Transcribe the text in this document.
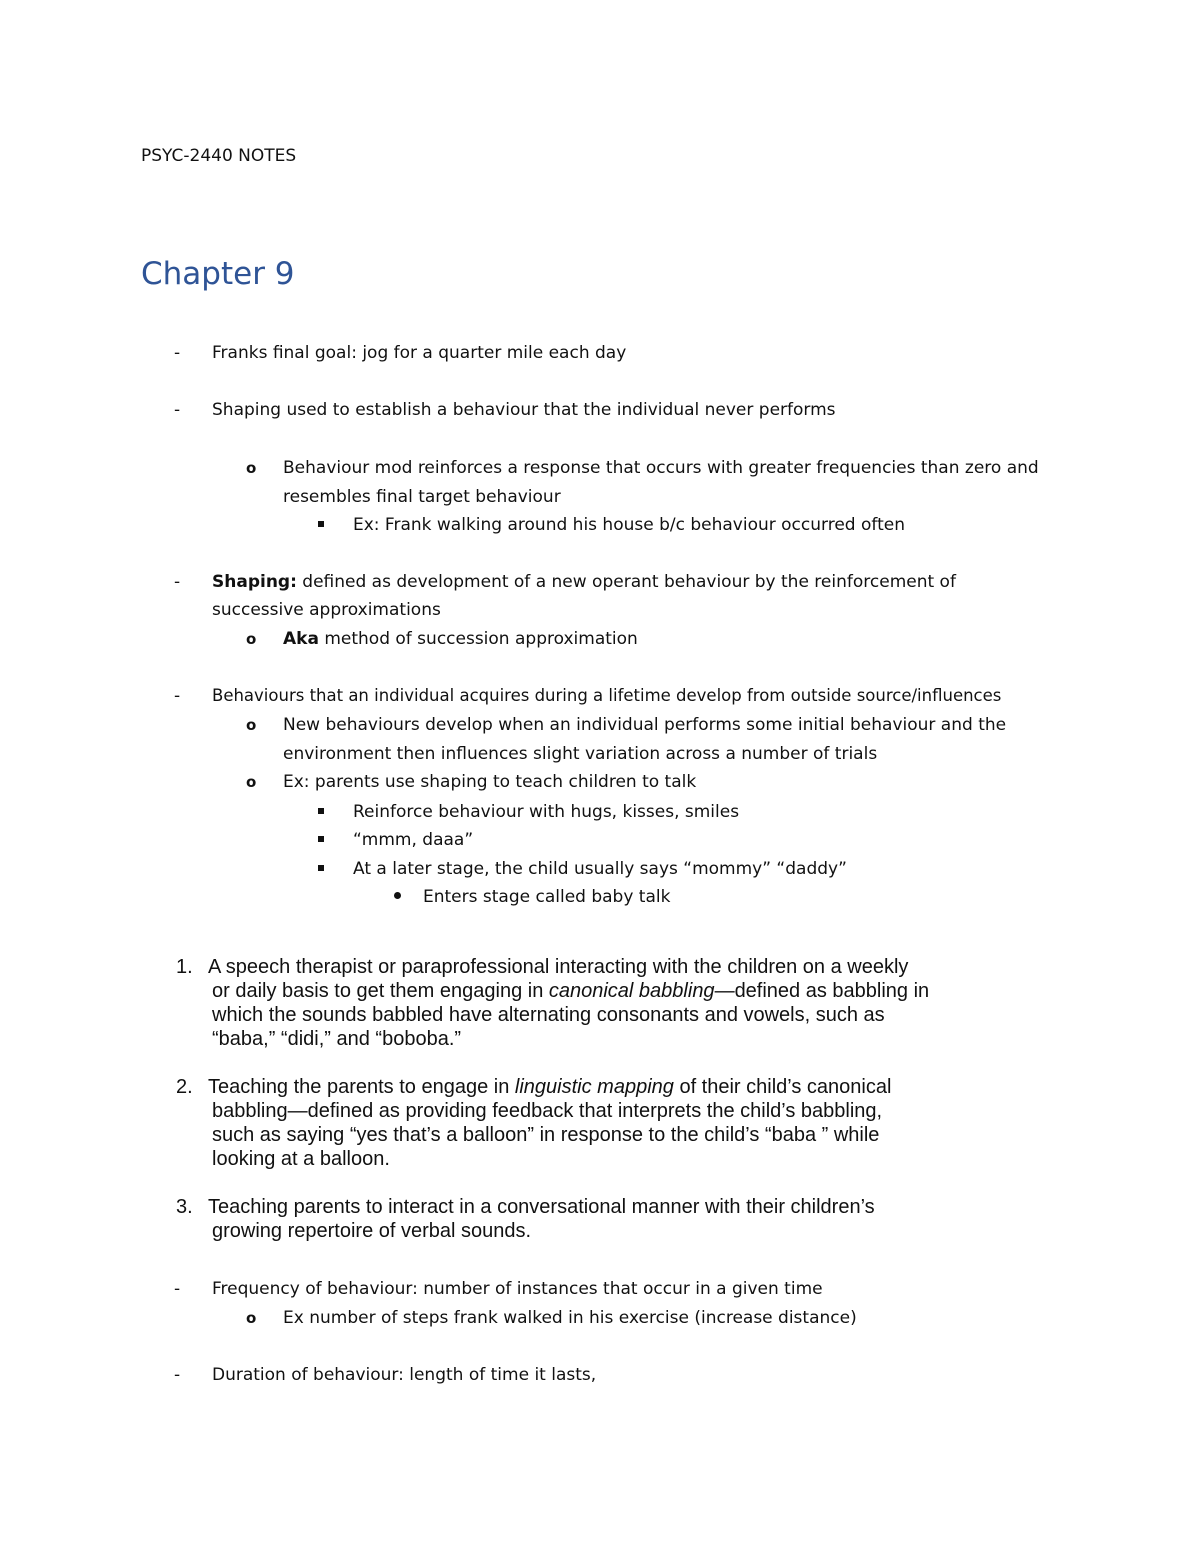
PSYC-2440 NOTES
Chapter 9
- Franks final goal: jog for a quarter mile each day
- Shaping used to establish a behaviour that the individual never performs
o Behaviour mod reinforces a response that occurs with greater frequencies than zero and
resembles final target behaviour
Ex: Frank walking around his house b/c behaviour occurred often
- Shaping: defined as development of a new operant behaviour by the reinforcement of
successive approximations
o Aka method of succession approximation
- Behaviours that an individual acquires during a lifetime develop from outside source/influences
o New behaviours develop when an individual performs some initial behaviour and the
environment then influences slight variation across a number of trials
o Ex: parents use shaping to teach children to talk
Reinforce behaviour with hugs, kisses, smiles
“mmm, daaa”
At a later stage, the child usually says “mommy” “daddy”
Enters stage called baby talk
1. A speech therapist or paraprofessional interacting with the children on a weekly
or daily basis to get them engaging in canonical babbling—defined as babbling in
which the sounds babbled have alternating consonants and vowels, such as
“baba,” “didi,” and “boboba.”
2. Teaching the parents to engage in linguistic mapping of their child’s canonical
babbling—defined as providing feedback that interprets the child’s babbling,
such as saying “yes that’s a balloon” in response to the child’s “baba ” while
looking at a balloon.
3. Teaching parents to interact in a conversational manner with their children’s
growing repertoire of verbal sounds.
- Frequency of behaviour: number of instances that occur in a given time
o Ex number of steps frank walked in his exercise (increase distance)
- Duration of behaviour: length of time it lasts,
